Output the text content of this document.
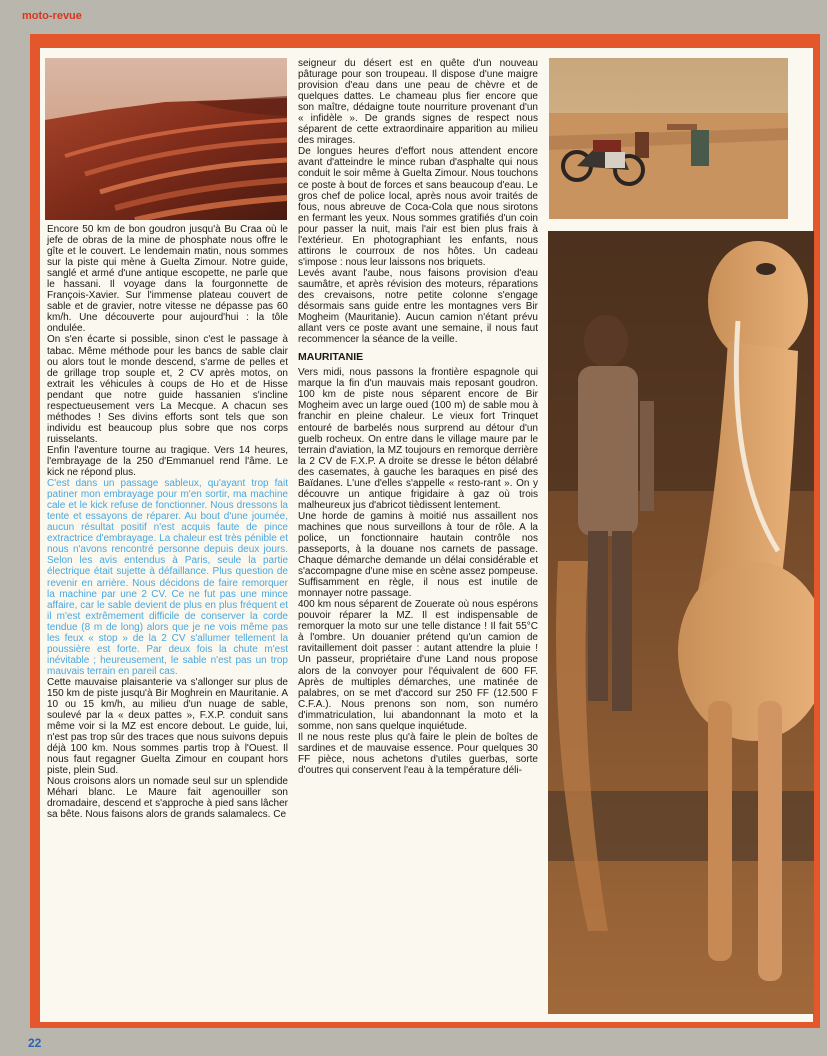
moto-revue

Encore 50 km de bon goudron jusqu'à Bu Craa où le jefe de obras de la mine de phosphate nous offre le gîte et le couvert. Le lendemain matin, nous sommes sur la piste qui mène à Guelta Zimour. Notre guide, sanglé et armé d'une antique escopette, ne parle que le hassani. Il voyage dans la fourgonnette de François-Xavier. Sur l'immense plateau couvert de sable et de gravier, notre vitesse ne dépasse pas 60 km/h. Une découverte pour aujourd'hui : la tôle ondulée.

On s'en écarte si possible, sinon c'est le passage à tabac. Même méthode pour les bancs de sable clair ou alors tout le monde descend, s'arme de pelles et de grillage trop souple et, 2 CV après motos, on extrait les véhicules à coups de Ho et de Hisse pendant que notre guide hassanien s'incline respectueusement vers La Mecque. A chacun ses méthodes ! Ses divins efforts sont tels que son individu est beaucoup plus sobre que nos corps ruisselants.

Enfin l'aventure tourne au tragique. Vers 14 heures, l'embrayage de la 250 d'Emmanuel rend l'âme. Le kick ne répond plus.

C'est dans un passage sableux, qu'ayant trop fait patiner mon embrayage pour m'en sortir, ma machine cale et le kick refuse de fonctionner. Nous dressons la tente et essayons de réparer. Au bout d'une journée, aucun résultat positif n'est acquis faute de pince extractrice d'embrayage. La chaleur est très pénible et nous n'avons rencontré personne depuis deux jours. Selon les avis entendus à Paris, seule la partie électrique était sujette à défaillance. Plus question de revenir en arrière. Nous décidons de faire remorquer la machine par une 2 CV. Ce ne fut pas une mince affaire, car le sable devient de plus en plus fréquent et il m'est extrêmement difficile de conserver la corde tendue (8 m de long) alors que je ne vois même pas les feux « stop » de la 2 CV s'allumer tellement la poussière est forte. Par deux fois la chute m'est inévitable ; heureusement, le sable n'est pas un trop mauvais terrain en pareil cas.

Cette mauvaise plaisanterie va s'allonger sur plus de 150 km de piste jusqu'à Bir Moghrein en Mauritanie. A 10 ou 15 km/h, au milieu d'un nuage de sable, soulevé par la « deux pattes », F.X.P. conduit sans même voir si la MZ est encore debout. Le guide, lui, n'est pas trop sûr des traces que nous suivons depuis déjà 100 km. Nous sommes partis trop à l'Ouest. Il nous faut regagner Guelta Zimour en coupant hors piste, plein Sud.

Nous croisons alors un nomade seul sur un splendide Méhari blanc. Le Maure fait agenouiller son dromadaire, descend et s'approche à pied sans lâcher sa bête. Nous faisons alors de grands salamalecs. Ce

seigneur du désert est en quête d'un nouveau pâturage pour son troupeau. Il dispose d'une maigre provision d'eau dans une peau de chèvre et de quelques dattes. Le chameau plus fier encore que son maître, dédaigne toute nourriture provenant d'un « infidèle ». De grands signes de respect nous séparent de cette extraordinaire apparition au milieu des mirages.

De longues heures d'effort nous attendent encore avant d'atteindre le mince ruban d'asphalte qui nous conduit le soir même à Guelta Zimour. Nous touchons ce poste à bout de forces et sans beaucoup d'eau. Le gros chef de police local, après nous avoir traités de fous, nous abreuve de Coca-Cola que nous sirotons en fermant les yeux. Nous sommes gratifiés d'un coin pour passer la nuit, mais l'air est bien plus frais à l'extérieur. En photographiant les enfants, nous attirons le courroux de nos hôtes. Un cadeau s'impose : nous leur laissons nos briquets.

Levés avant l'aube, nous faisons provision d'eau saumâtre, et après révision des moteurs, réparations des crevaisons, notre petite colonne s'engage désormais sans guide entre les montagnes vers Bir Mogheim (Mauritanie). Aucun camion n'étant prévu allant vers ce poste avant une semaine, il nous faut recommencer la séance de la veille.

MAURITANIE

Vers midi, nous passons la frontière espagnole qui marque la fin d'un mauvais mais reposant goudron. 100 km de piste nous séparent encore de Bir Mogheim avec un large oued (100 m) de sable mou à franchir en pleine chaleur. Le vieux fort Trinquet entouré de barbelés nous surprend au détour d'un guelb rocheux. On entre dans le village maure par le terrain d'aviation, la MZ toujours en remorque derrière la 2 CV de F.X.P. A droite se dresse le béton délabré des casemates, à gauche les baraques en pisé des Baïdanes. L'une d'elles s'appelle « resto-rant ». On y découvre un antique frigidaire à gaz où trois malheureux jus d'abricot tièdissent lentement.

Une horde de gamins à moitié nus assaillent nos machines que nous surveillons à tour de rôle. A la police, un fonctionnaire hautain contrôle nos passeports, à la douane nos carnets de passage. Chaque démarche demande un délai considérable et s'accompagne d'une mise en scène assez pompeuse. Suffisamment en règle, il nous est inutile de monnayer notre passage.

400 km nous séparent de Zouerate où nous espérons pouvoir réparer la MZ. Il est indispensable de remorquer la moto sur une telle distance ! Il fait 55°C à l'ombre. Un douanier prétend qu'un camion de ravitaillement doit passer : autant attendre la pluie ! Un passeur, propriétaire d'une Land nous propose alors de la convoyer pour l'équivalent de 600 FF. Après de multiples démarches, une matinée de palabres, on se met d'accord sur 250 FF (12.500 F C.F.A.). Nous prenons son nom, son numéro d'immatriculation, lui abandonnant la moto et la somme, non sans quelque inquiétude.

Il ne nous reste plus qu'à faire le plein de boîtes de sardines et de mauvaise essence. Pour quelques 30 FF pièce, nous achetons d'utiles guerbas, sorte d'outres qui conservent l'eau à la température déli-

22
